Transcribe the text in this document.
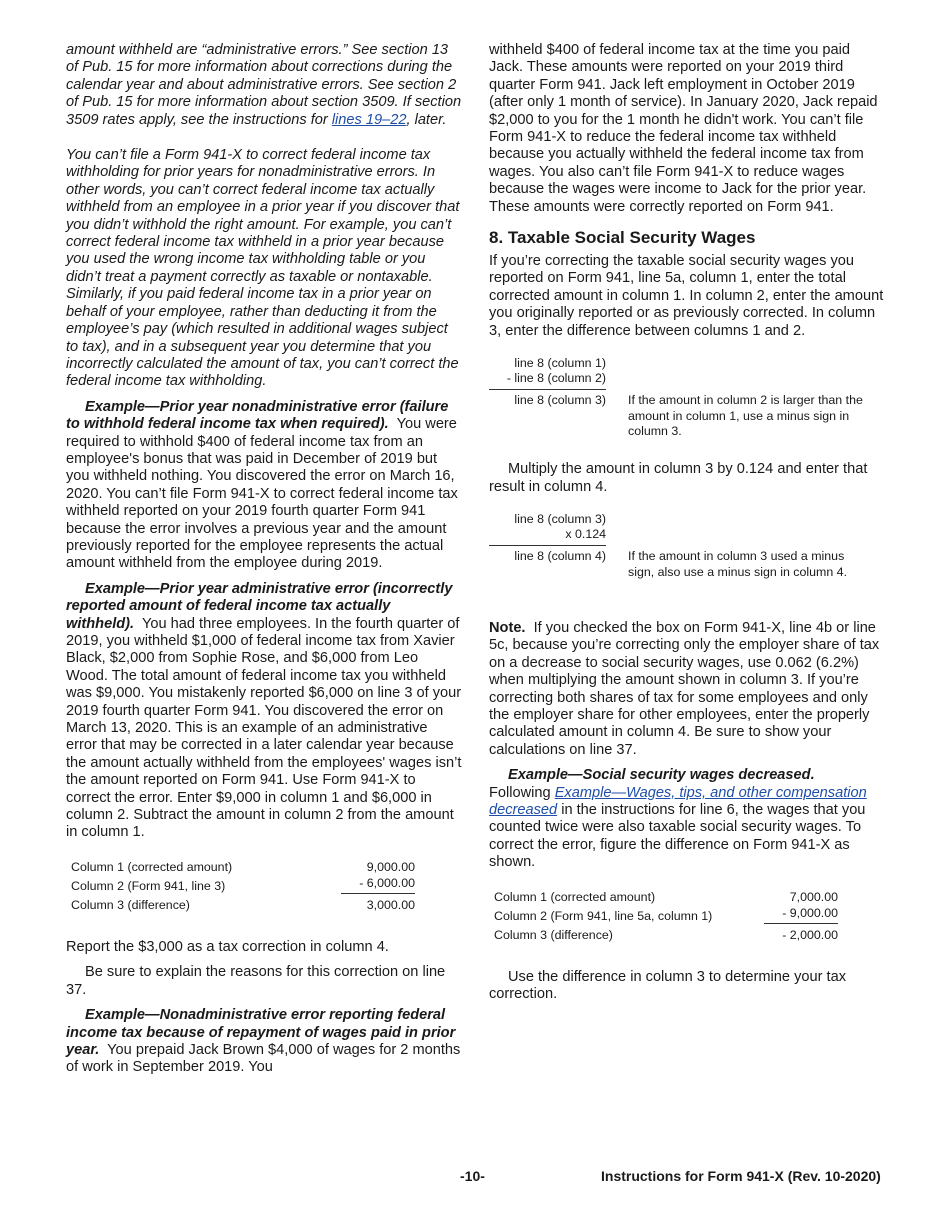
amount withheld are “administrative errors.” See section 13 of Pub. 15 for more information about corrections during the calendar year and about administrative errors. See section 2 of Pub. 15 for more information about section 3509. If section 3509 rates apply, see the instructions for lines 19–22, later.

You can’t file a Form 941-X to correct federal income tax withholding for prior years for nonadministrative errors. In other words, you can’t correct federal income tax actually withheld from an employee in a prior year if you discover that you didn’t withhold the right amount. For example, you can’t correct federal income tax withheld in a prior year because you used the wrong income tax withholding table or you didn’t treat a payment correctly as taxable or nontaxable. Similarly, if you paid federal income tax in a prior year on behalf of your employee, rather than deducting it from the employee’s pay (which resulted in additional wages subject to tax), and in a subsequent year you determine that you incorrectly calculated the amount of tax, you can’t correct the federal income tax withholding.

Example—Prior year nonadministrative error (failure to withhold federal income tax when required). You were required to withhold $400 of federal income tax from an employee's bonus that was paid in December of 2019 but you withheld nothing. You discovered the error on March 16, 2020. You can’t file Form 941-X to correct federal income tax withheld reported on your 2019 fourth quarter Form 941 because the error involves a previous year and the amount previously reported for the employee represents the actual amount withheld from the employee during 2019.

Example—Prior year administrative error (incorrectly reported amount of federal income tax actually withheld). You had three employees. In the fourth quarter of 2019, you withheld $1,000 of federal income tax from Xavier Black, $2,000 from Sophie Rose, and $6,000 from Leo Wood. The total amount of federal income tax you withheld was $9,000. You mistakenly reported $6,000 on line 3 of your 2019 fourth quarter Form 941. You discovered the error on March 13, 2020. This is an example of an administrative error that may be corrected in a later calendar year because the amount actually withheld from the employees' wages isn’t the amount reported on Form 941. Use Form 941-X to correct the error. Enter $9,000 in column 1 and $6,000 in column 2. Subtract the amount in column 2 from the amount in column 1.

Column 1 (corrected amount)	9,000.00
Column 2 (Form 941, line 3)	- 6,000.00
Column 3 (difference)	3,000.00

Report the $3,000 as a tax correction in column 4.

Be sure to explain the reasons for this correction on line 37.

Example—Nonadministrative error reporting federal income tax because of repayment of wages paid in prior year. You prepaid Jack Brown $4,000 of wages for 2 months of work in September 2019. You

withheld $400 of federal income tax at the time you paid Jack. These amounts were reported on your 2019 third quarter Form 941. Jack left employment in October 2019 (after only 1 month of service). In January 2020, Jack repaid $2,000 to you for the 1 month he didn't work. You can’t file Form 941-X to reduce the federal income tax withheld because you actually withheld the federal income tax from wages. You also can’t file Form 941-X to reduce wages because the wages were income to Jack for the prior year. These amounts were correctly reported on Form 941.

8. Taxable Social Security Wages

If you’re correcting the taxable social security wages you reported on Form 941, line 5a, column 1, enter the total corrected amount in column 1. In column 2, enter the amount you originally reported or as previously corrected. In column 3, enter the difference between columns 1 and 2.

line 8 (column 1)
- line 8 (column 2)
line 8 (column 3) If the amount in column 2 is larger than the amount in column 1, use a minus sign in column 3.

Multiply the amount in column 3 by 0.124 and enter that result in column 4.

line 8 (column 3)
x 0.124
line 8 (column 4) If the amount in column 3 used a minus sign, also use a minus sign in column 4.

Note. If you checked the box on Form 941-X, line 4b or line 5c, because you’re correcting only the employer share of tax on a decrease to social security wages, use 0.062 (6.2%) when multiplying the amount shown in column 3. If you’re correcting both shares of tax for some employees and only the employer share for other employees, enter the properly calculated amount in column 4. Be sure to show your calculations on line 37.

Example—Social security wages decreased.
Following Example—Wages, tips, and other compensation decreased in the instructions for line 6, the wages that you counted twice were also taxable social security wages. To correct the error, figure the difference on Form 941-X as shown.

Column 1 (corrected amount)	7,000.00
Column 2 (Form 941, line 5a, column 1)	- 9,000.00
Column 3 (difference)	- 2,000.00

Use the difference in column 3 to determine your tax correction.

-10-	Instructions for Form 941-X (Rev. 10-2020)
